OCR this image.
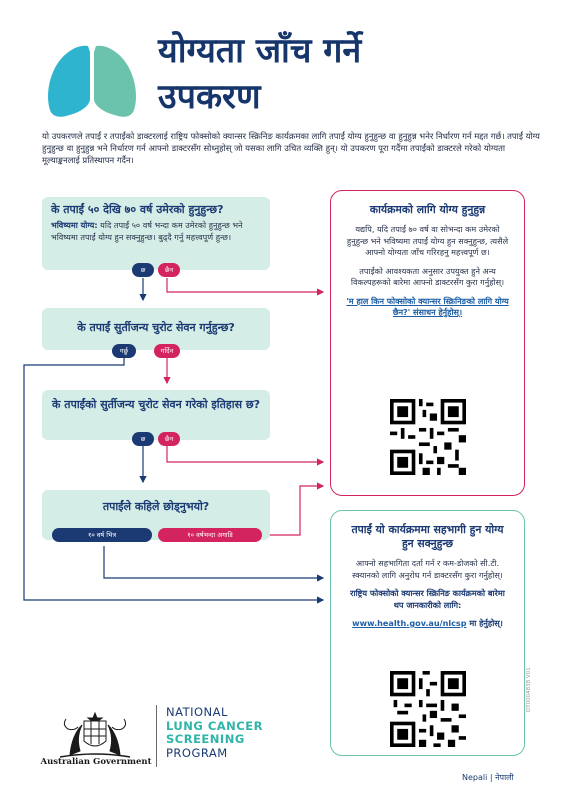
योग्यता जाँच गर्ने
उपकरण
यो उपकरणले तपाईं र तपाईंको डाक्टरलाई राष्ट्रिय फोक्सोको क्यान्सर स्क्रिनिङ कार्यक्रमका लागि तपाईं योग्य हुनुहुन्छ वा हुनुहुन्न भनेर निर्धारण गर्न मद्दत गर्छ। तपाईं योग्य हुनुहुन्छ वा हुनुहुन्न भने निर्धारण गर्न आफ्नो डाक्टरसँग सोध्नुहोस् जो यसका लागि उचित व्यक्ति हुन्। यो उपकरण पूरा गर्दैमा तपाईंको डाक्टरले गरेको योग्यता मूल्याङ्कनलाई प्रतिस्थापन गर्दैन।
के तपाईं ५० देखि ७० वर्ष उमेरको हुनुहुन्छ?
भविष्यमा योग्य: यदि तपाईं ५० वर्ष भन्दा कम उमेरको हुनुहुन्छ भने भविष्यमा तपाईं योग्य हुन सक्नुहुन्छ। बुढ्दै गर्नु महत्त्वपूर्ण हुन्छ।
छ	छैन
के तपाईं सुर्तीजन्य चुरोट सेवन गर्नुहुन्छ?
गर्छु	गर्दिन
के तपाईंको सुर्तीजन्य चुरोट सेवन गरेको इतिहास छ?
छ	छैन
तपाईंले कहिले छोड्नुभयो?
१० वर्ष भित्र	१० वर्षभन्दा अगाडि
कार्यक्रमको लागि योग्य हुनुहुन्न

यद्यपि, यदि तपाईं ७० वर्ष वा सोभन्दा कम उमेरको हुनुहुन्छ भने भविष्यमा तपाईं योग्य हुन सक्नुहुन्छ, त्यसैले आफ्नो योग्यता जाँच गरिरहनु महत्त्वपूर्ण छ।

तपाईंको आवश्यकता अनुसार उपयुक्त हुने अन्य विकल्पहरूको बारेमा आफ्नो डाक्टरसँग कुरा गर्नुहोस्।

'म हाल किन फोक्सोको क्यान्सर स्क्रिनिङको लागि योग्य छैन?' संसाधन हेर्नुहोस्।

तपाईं यो कार्यक्रममा सहभागी हुन योग्य हुन सक्नुहुन्छ

आफ्नो सहभागिता दर्ता गर्न र कम-डोजको सी.टी. स्क्यानको लागि अनुरोध गर्न डाक्टरसँग कुरा गर्नुहोस्।

राष्ट्रिय फोक्सोको क्यान्सर स्क्रिनिङ कार्यक्रमको बारेमा थप जानकारीको लागि:

www.health.gov.au/nlcsp मा हेर्नुहोस्।

Australian Government
NATIONAL
LUNG CANCER
SCREENING
PROGRAM
DT0004838 V01
Nepali | नेपाली
